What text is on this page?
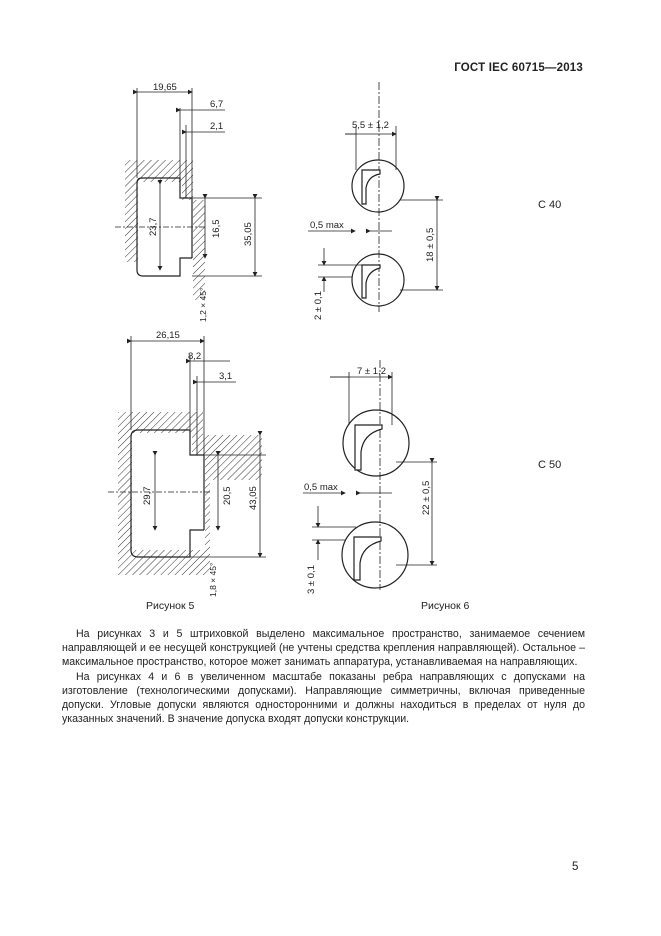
ГОСТ IEC 60715—2013
19,65
6,7
2,1
23,7	16,5 35,05
1,2 × 45°
26,15
8,2
3,1
29,7	20,5 43,05
1,8 × 45°
5,5 ± 1,2
0,5 max
18 ± 0,5
2 ± 0,1
C 40
7 ± 1,2
0,5 max	22 ± 0,5
3 ± 0,1
C 50
Рисунок 5	Рисунок 6

На рисунках 3 и 5 штриховкой выделено максимальное пространство, занимаемое сечением направляющей и ее несущей конструкцией (не учтены средства крепления направляющей). Остальное – максимальное пространство, которое может занимать аппаратура, устанавливаемая на направляющих.

На рисунках 4 и 6 в увеличенном масштабе показаны ребра направляющих с допусками на изготовление (технологическими допусками). Направляющие симметричны, включая приведенные допуски. Угловые допуски являются односторонними и должны находиться в пределах от нуля до указанных значений. В значение допуска входят допуски конструкции.

5
